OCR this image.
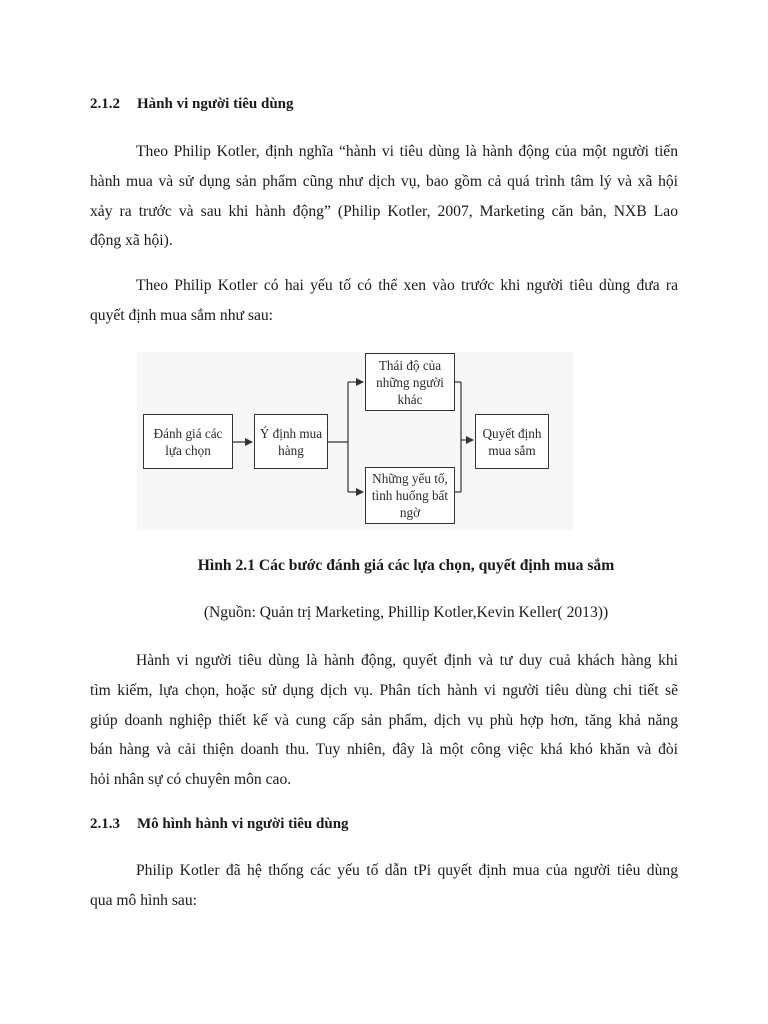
2.1.2 Hành vi người tiêu dùng

Theo Philip Kotler, định nghĩa “hành vi tiêu dùng là hành động của một người tiến
hành mua và sử dụng sản phẩm cũng như dịch vụ, bao gồm cả quá trình tâm lý và xã hội
xảy ra trước và sau khi hành động” (Philip Kotler, 2007, Marketing căn bản, NXB Lao
động xã hội).

Theo Philip Kotler có hai yếu tố có thể xen vào trước khi người tiêu dùng đưa ra
quyết định mua sắm như sau:

Đánh giá các lựa chọn
Ý định mua hàng
Thái độ của những người khác
Những yếu tố, tình huống bất ngờ
Quyết định mua sắm
Hình 2.1 Các bước đánh giá các lựa chọn, quyết định mua sắm
(Nguồn: Quản trị Marketing, Phillip Kotler,Kevin Keller( 2013))

Hành vi người tiêu dùng là hành động, quyết định và tư duy cuả khách hàng khi
tìm kiếm, lựa chọn, hoặc sử dụng dịch vụ. Phân tích hành vi người tiêu dùng chi tiết sẽ
giúp doanh nghiệp thiết kế và cung cấp sản phẩm, dịch vụ phù hợp hơn, tăng khả năng
bán hàng và cải thiện doanh thu. Tuy nhiên, đây là một công việc khá khó khăn và đòi
hỏi nhân sự có chuyên môn cao.

2.1.3 Mô hình hành vi người tiêu dùng

Philip Kotler đã hệ thống các yếu tố dẫn tPi quyết định mua của người tiêu dùng
qua mô hình sau:
